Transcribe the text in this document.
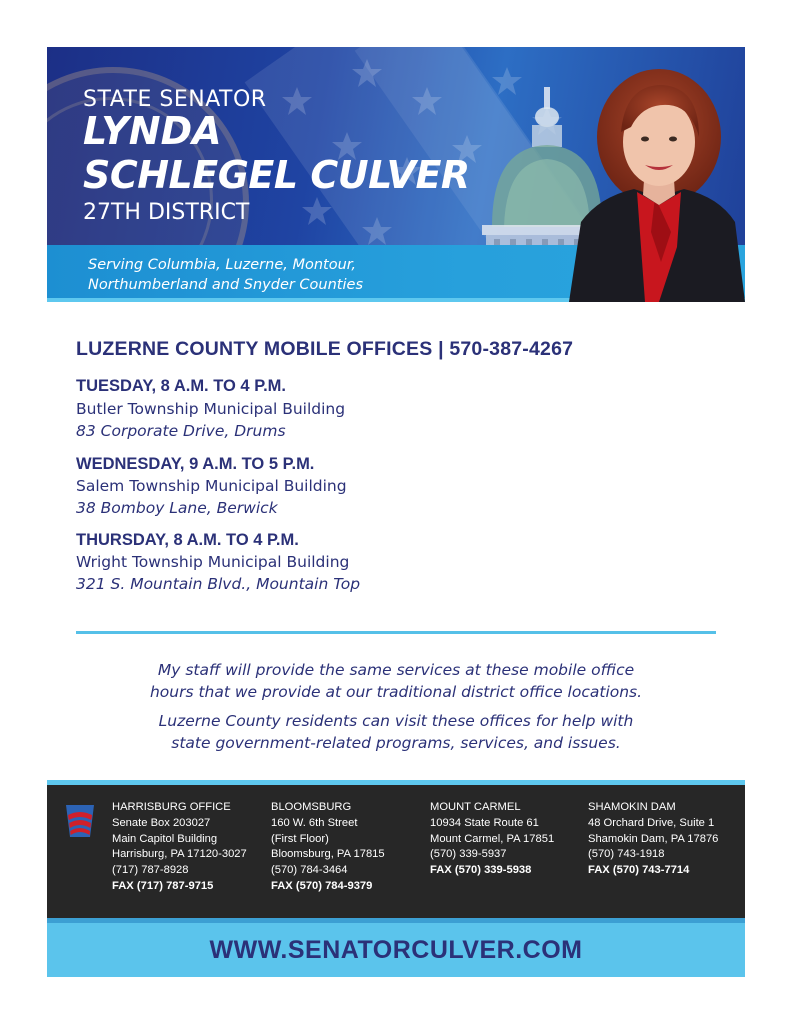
STATE SENATOR
LYNDA
SCHLEGEL CULVER
27TH DISTRICT
Serving Columbia, Luzerne, Montour,
Northumberland and Snyder Counties
LUZERNE COUNTY MOBILE OFFICES | 570-387-4267
TUESDAY, 8 A.M. TO 4 P.M.
Butler Township Municipal Building
83 Corporate Drive, Drums
WEDNESDAY, 9 A.M. TO 5 P.M.
Salem Township Municipal Building
38 Bomboy Lane, Berwick
THURSDAY, 8 A.M. TO 4 P.M.
Wright Township Municipal Building
321 S. Mountain Blvd., Mountain Top
My staff will provide the same services at these mobile office
hours that we provide at our traditional district office locations.
Luzerne County residents can visit these offices for help with
state government-related programs, services, and issues.
HARRISBURG OFFICE
Senate Box 203027
Main Capitol Building
Harrisburg, PA 17120-3027
(717) 787-8928
FAX (717) 787-9715
BLOOMSBURG
160 W. 6th Street
(First Floor)
Bloomsburg, PA 17815
(570) 784-3464
FAX (570) 784-9379
MOUNT CARMEL
10934 State Route 61
Mount Carmel, PA 17851
(570) 339-5937
FAX (570) 339-5938
SHAMOKIN DAM
48 Orchard Drive, Suite 1
Shamokin Dam, PA 17876
(570) 743-1918
FAX (570) 743-7714
WWW.SENATORCULVER.COM
